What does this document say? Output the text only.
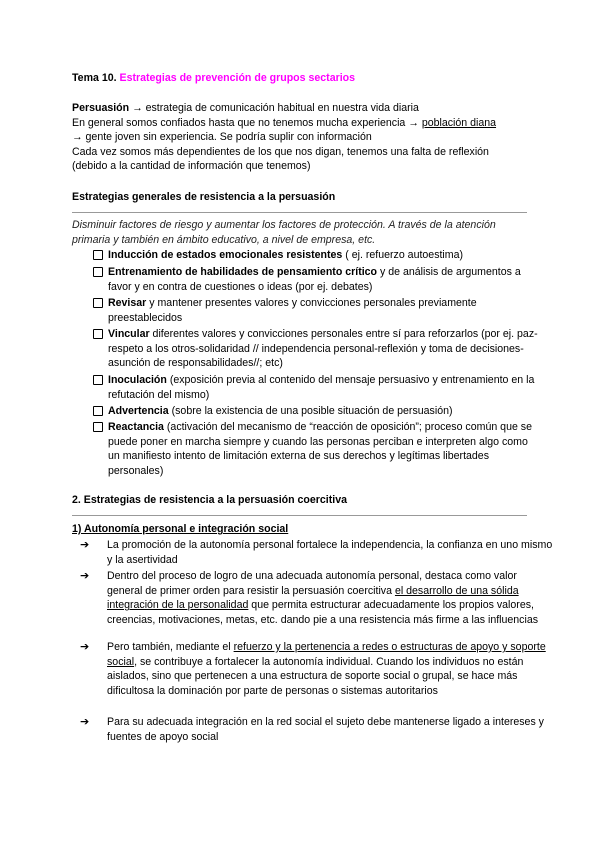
Tema 10. Estrategias de prevención de grupos sectarios
Persuasión → estrategia de comunicación habitual en nuestra vida diaria
En general somos confiados hasta que no tenemos mucha experiencia → población diana
→ gente joven sin experiencia. Se podría suplir con información
Cada vez somos más dependientes de los que nos digan, tenemos una falta de reflexión
(debido a la cantidad de información que tenemos)
Estrategias generales de resistencia a la persuasión
Disminuir factores de riesgo y aumentar los factores de protección. A través de la atención primaria y también en ámbito educativo, a nivel de empresa, etc.
Inducción de estados emocionales resistentes ( ej. refuerzo autoestima)
Entrenamiento de habilidades de pensamiento crítico y de análisis de argumentos a favor y en contra de cuestiones o ideas (por ej. debates)
Revisar y mantener presentes valores y convicciones personales previamente preestablecidos
Vincular diferentes valores y convicciones personales entre sí para reforzarlos (por ej. paz-respeto a los otros-solidaridad // independencia personal-reflexión y toma de decisiones-asunción de responsabilidades//; etc)
Inoculación (exposición previa al contenido del mensaje persuasivo y entrenamiento en la refutación del mismo)
Advertencia (sobre la existencia de una posible situación de persuasión)
Reactancia (activación del mecanismo de “reacción de oposición”; proceso común que se puede poner en marcha siempre y cuando las personas perciban e interpreten algo como un manifiesto intento de limitación externa de sus derechos y legítimas libertades personales)
2. Estrategias de resistencia a la persuasión coercitiva
1) Autonomía personal e integración social
➔ La promoción de la autonomía personal fortalece la independencia, la confianza en uno mismo y la asertividad
➔ Dentro del proceso de logro de una adecuada autonomía personal, destaca como valor general de primer orden para resistir la persuasión coercitiva el desarrollo de una sólida integración de la personalidad que permita estructurar adecuadamente los propios valores, creencias, motivaciones, metas, etc. dando pie a una resistencia más firme a las influencias
➔ Pero también, mediante el refuerzo y la pertenencia a redes o estructuras de apoyo y soporte social, se contribuye a fortalecer la autonomía individual. Cuando los individuos no están aislados, sino que pertenecen a una estructura de soporte social o grupal, se hace más dificultosa la dominación por parte de personas o sistemas autoritarios
➔ Para su adecuada integración en la red social el sujeto debe mantenerse ligado a intereses y fuentes de apoyo social
